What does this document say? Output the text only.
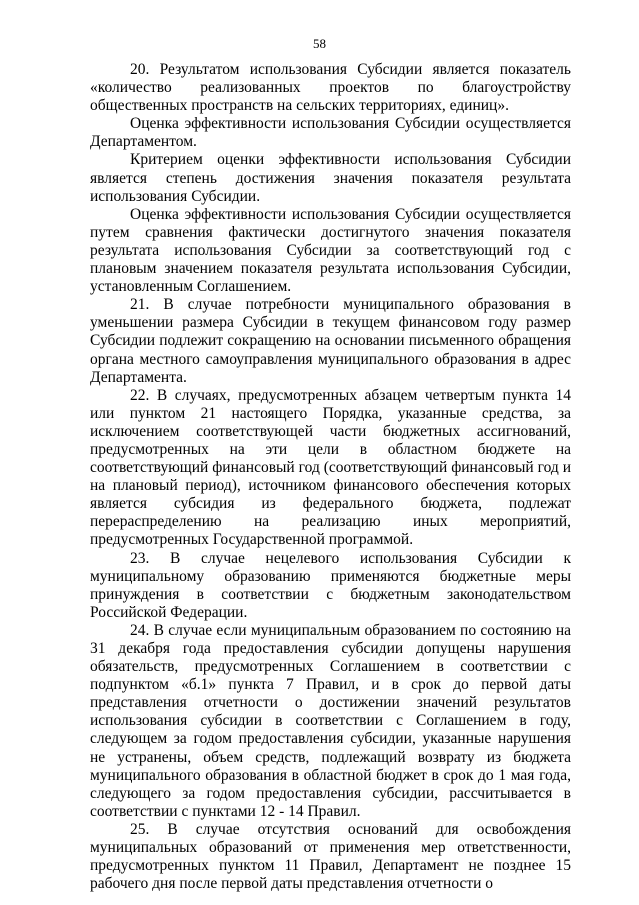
58

20. Результатом использования Субсидии является показатель «количество реализованных проектов по благоустройству общественных пространств на сельских территориях, единиц».

Оценка эффективности использования Субсидии осуществляется Департаментом.

Критерием оценки эффективности использования Субсидии является степень достижения значения показателя результата использования Субсидии.

Оценка эффективности использования Субсидии осуществляется путем сравнения фактически достигнутого значения показателя результата использования Субсидии за соответствующий год с плановым значением показателя результата использования Субсидии, установленным Соглашением.

21. В случае потребности муниципального образования в уменьшении размера Субсидии в текущем финансовом году размер Субсидии подлежит сокращению на основании письменного обращения органа местного самоуправления муниципального образования в адрес Департамента.

22. В случаях, предусмотренных абзацем четвертым пункта 14 или пунктом 21 настоящего Порядка, указанные средства, за исключением соответствующей части бюджетных ассигнований, предусмотренных на эти цели в областном бюджете на соответствующий финансовый год (соответствующий финансовый год и на плановый период), источником финансового обеспечения которых является субсидия из федерального бюджета, подлежат перераспределению на реализацию иных мероприятий, предусмотренных Государственной программой.

23. В случае нецелевого использования Субсидии к муниципальному образованию применяются бюджетные меры принуждения в соответствии с бюджетным законодательством Российской Федерации.

24. В случае если муниципальным образованием по состоянию на 31 декабря года предоставления субсидии допущены нарушения обязательств, предусмотренных Соглашением в соответствии с подпунктом «б.1» пункта 7 Правил, и в срок до первой даты представления отчетности о достижении значений результатов использования субсидии в соответствии с Соглашением в году, следующем за годом предоставления субсидии, указанные нарушения не устранены, объем средств, подлежащий возврату из бюджета муниципального образования в областной бюджет в срок до 1 мая года, следующего за годом предоставления субсидии, рассчитывается в соответствии с пунктами 12 - 14 Правил.

25. В случае отсутствия оснований для освобождения муниципальных образований от применения мер ответственности, предусмотренных пунктом 11 Правил, Департамент не позднее 15 рабочего дня после первой даты представления отчетности о
